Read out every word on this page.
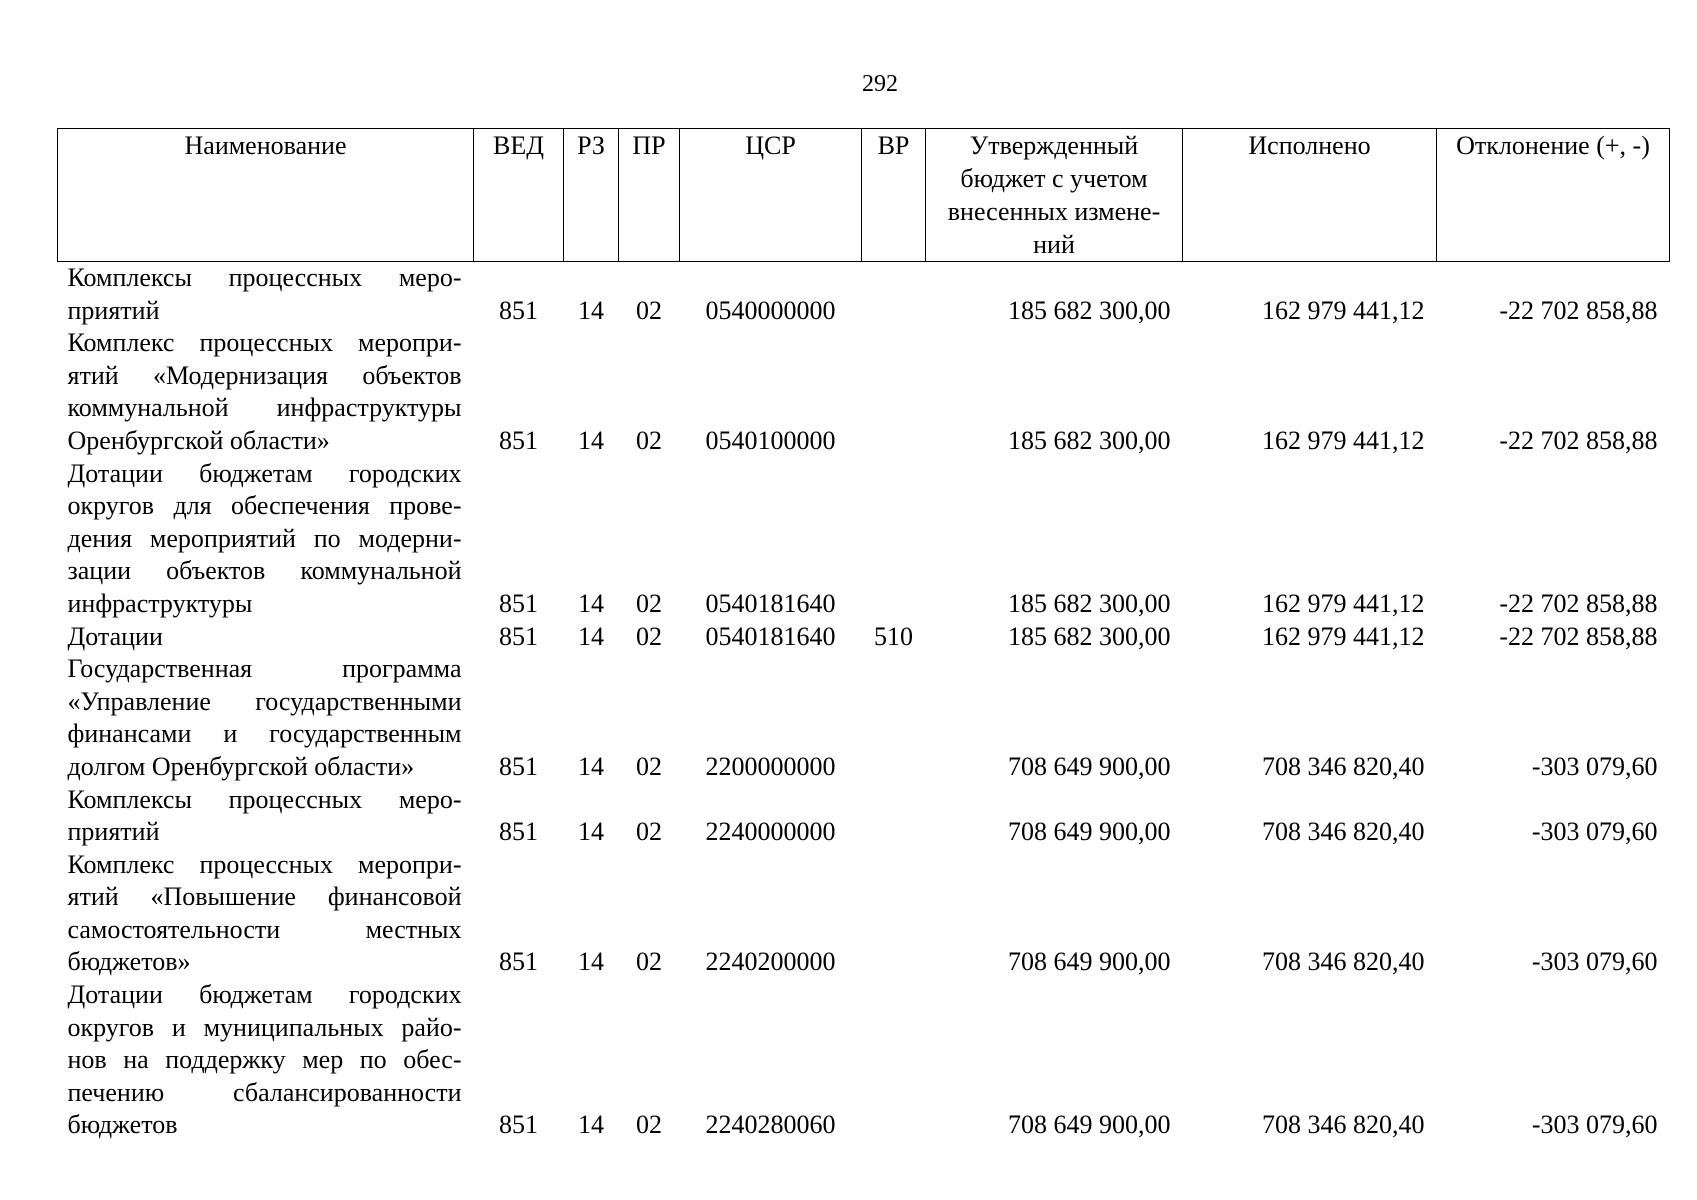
292
Наименование	ВЕД	РЗ	ПР	ЦСР	ВР	Утвержденный бюджет с учетом внесенных измене-ний	Исполнено	Отклонение (+, -)
Комплексы процессных меро-приятий	851	14	02	0540000000		185 682 300,00	162 979 441,12	-22 702 858,88
Комплекс процессных меропри-ятий «Модернизация объектов коммунальной инфраструктуры Оренбургской области»	851	14	02	0540100000		185 682 300,00	162 979 441,12	-22 702 858,88
Дотации бюджетам городских округов для обеспечения прове-дения мероприятий по модерни-зации объектов коммунальной инфраструктуры	851	14	02	0540181640		185 682 300,00	162 979 441,12	-22 702 858,88
Дотации	851	14	02	0540181640	510	185 682 300,00	162 979 441,12	-22 702 858,88
Государственная программа «Управление государственными финансами и государственным долгом Оренбургской области»	851	14	02	2200000000		708 649 900,00	708 346 820,40	-303 079,60
Комплексы процессных меро-приятий	851	14	02	2240000000		708 649 900,00	708 346 820,40	-303 079,60
Комплекс процессных меропри-ятий «Повышение финансовой самостоятельности местных бюджетов»	851	14	02	2240200000		708 649 900,00	708 346 820,40	-303 079,60
Дотации бюджетам городских округов и муниципальных райо-нов на поддержку мер по обес-печению сбалансированности бюджетов	851	14	02	2240280060		708 649 900,00	708 346 820,40	-303 079,60
